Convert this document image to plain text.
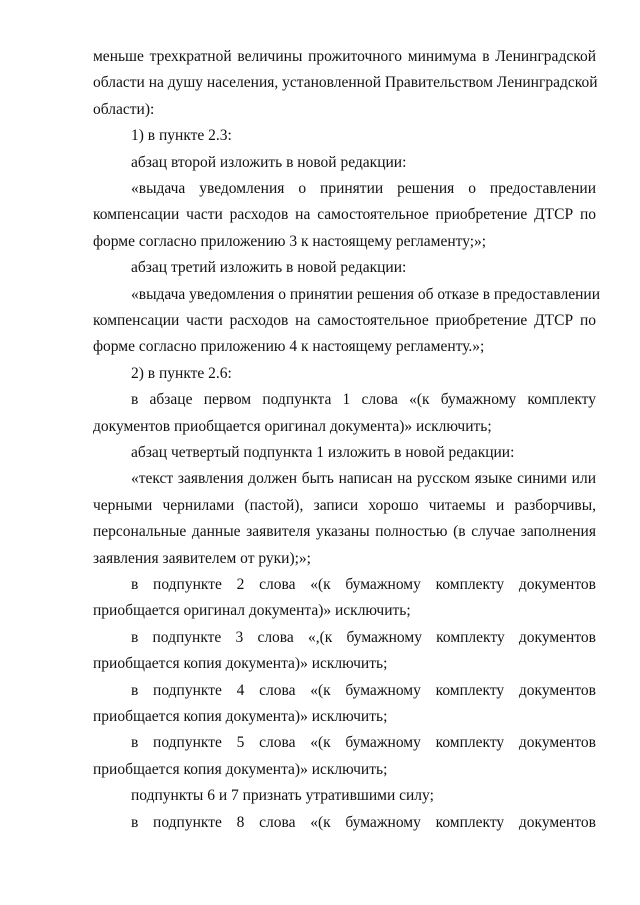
меньше трехкратной величины прожиточного минимума в Ленинградской
области на душу населения, установленной Правительством Ленинградской
области):
1) в пункте 2.3:
абзац второй изложить в новой редакции:
«выдача уведомления о принятии решения о предоставлении
компенсации части расходов на самостоятельное приобретение ДТСР по
форме согласно приложению 3 к настоящему регламенту;»;
абзац третий изложить в новой редакции:
«выдача уведомления о принятии решения об отказе в предоставлении
компенсации части расходов на самостоятельное приобретение ДТСР по
форме согласно приложению 4 к настоящему регламенту.»;
2) в пункте 2.6:
в абзаце первом подпункта 1 слова «(к бумажному комплекту
документов приобщается оригинал документа)» исключить;
абзац четвертый подпункта 1 изложить в новой редакции:
«текст заявления должен быть написан на русском языке синими или
черными чернилами (пастой), записи хорошо читаемы и разборчивы,
персональные данные заявителя указаны полностью (в случае заполнения
заявления заявителем от руки);»;
в подпункте 2 слова «(к бумажному комплекту документов
приобщается оригинал документа)» исключить;
в подпункте 3 слова «,(к бумажному комплекту документов
приобщается копия документа)» исключить;
в подпункте 4 слова «(к бумажному комплекту документов
приобщается копия документа)» исключить;
в подпункте 5 слова «(к бумажному комплекту документов
приобщается копия документа)» исключить;
подпункты 6 и 7 признать утратившими силу;
в подпункте 8 слова «(к бумажному комплекту документов
